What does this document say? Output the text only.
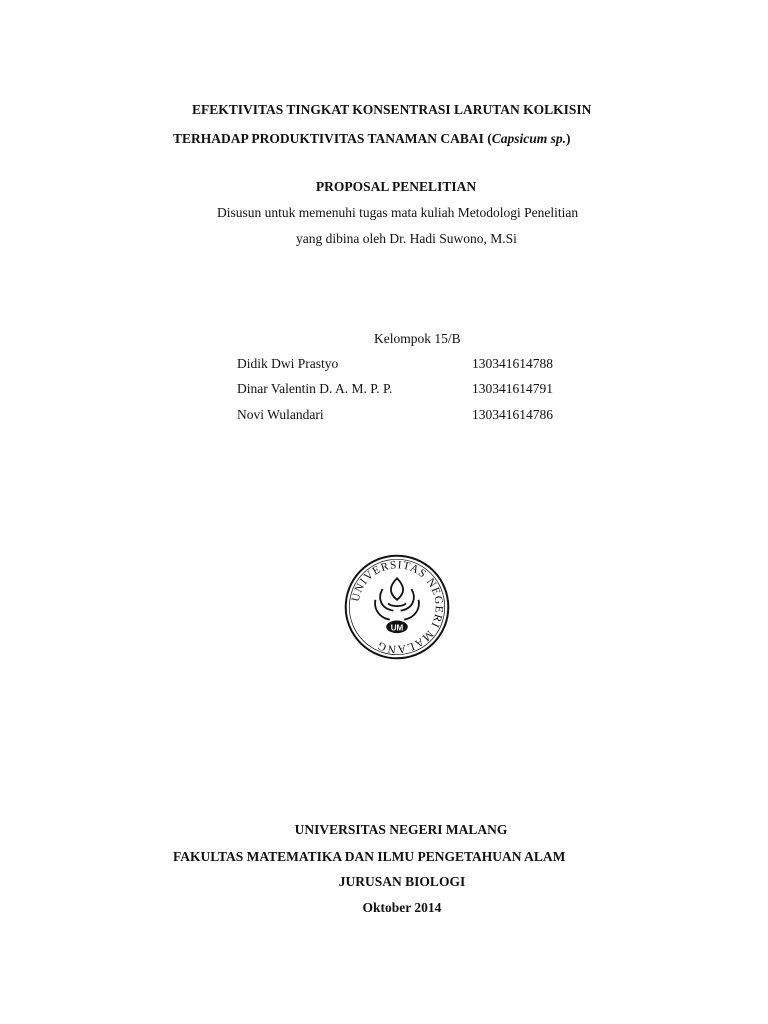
EFEKTIVITAS TINGKAT KONSENTRASI LARUTAN KOLKISIN
TERHADAP PRODUKTIVITAS TANAMAN CABAI (Capsicum sp.)
PROPOSAL PENELITIAN
Disusun untuk memenuhi tugas mata kuliah Metodologi Penelitian
yang dibina oleh Dr. Hadi Suwono, M.Si
Kelompok 15/B
Didik Dwi Prastyo	130341614788
Dinar Valentin D. A. M. P. P.	130341614791
Novi Wulandari	130341614786
UNIVERSITAS NEGERI MALANG
UM
UNIVERSITAS NEGERI MALANG
FAKULTAS MATEMATIKA DAN ILMU PENGETAHUAN ALAM
JURUSAN BIOLOGI
Oktober 2014
